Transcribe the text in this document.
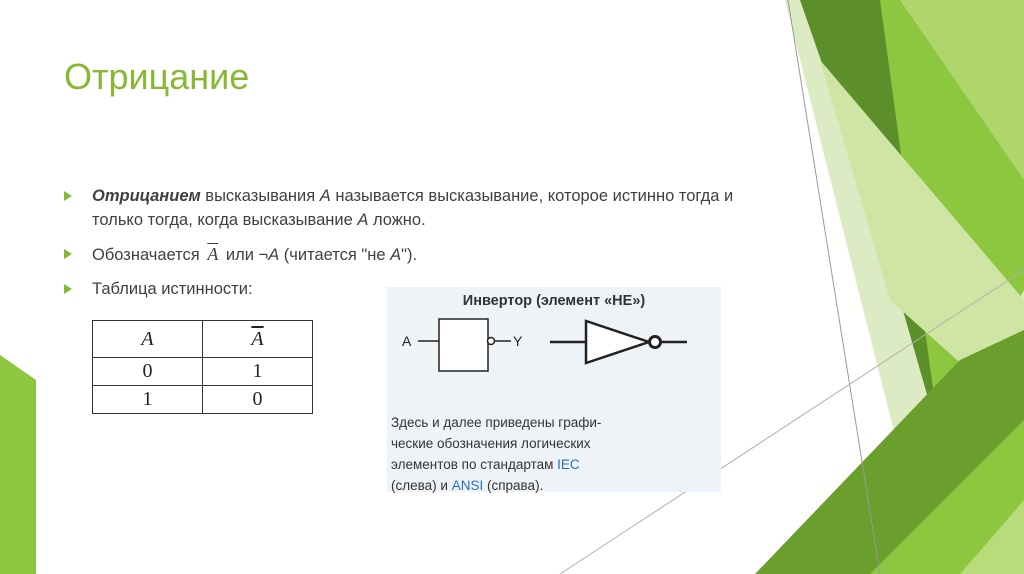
Отрицание
Отрицанием высказывания А называется высказывание, которое истинно тогда и только тогда, когда высказывание А ложно.
Обозначается $\overline{A}$ или ¬А (читается "не А").
Таблица истинности:
A	$\overline{A}$
0	1
1	0
Инвертор (элемент «НЕ»)
A	Y
Здесь и далее приведены графи-
ческие обозначения логических
элементов по стандартам IEC
(слева) и ANSI (справа).
